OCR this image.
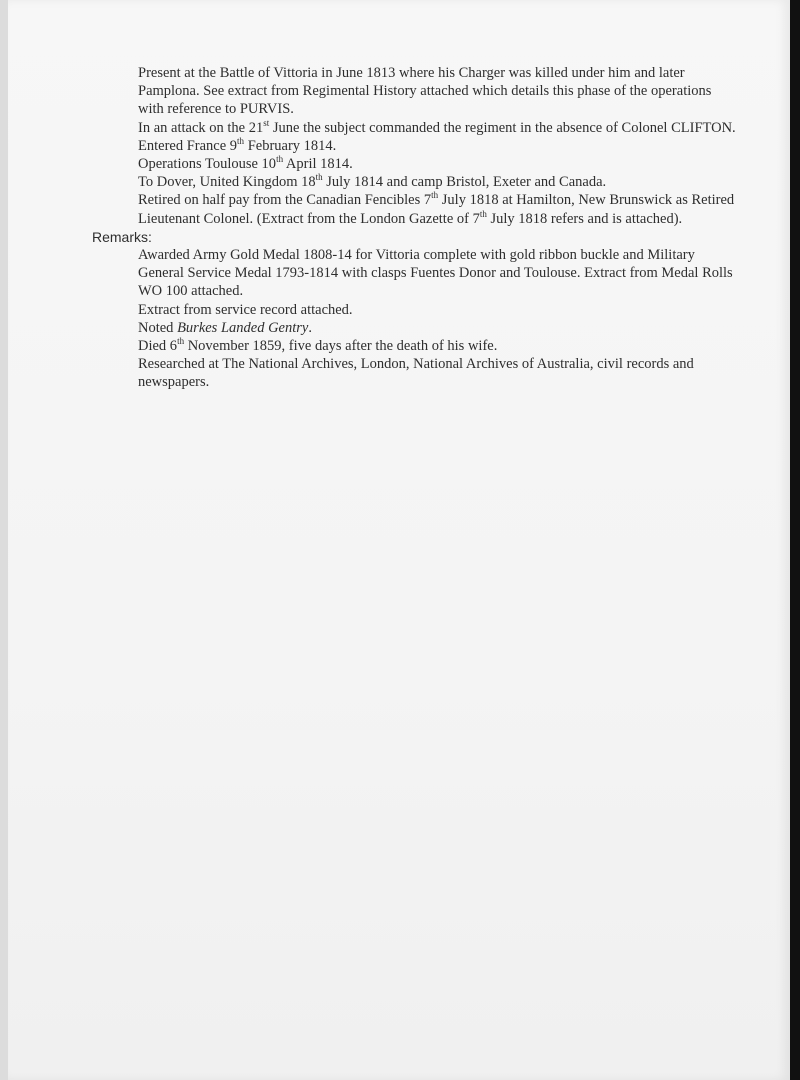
Present at the Battle of Vittoria in June 1813 where his Charger was killed under him and later Pamplona. See extract from Regimental History attached which details this phase of the operations with reference to PURVIS.

In an attack on the 21st June the subject commanded the regiment in the absence of Colonel CLIFTON.

Entered France 9th February 1814.

Operations Toulouse 10th April 1814.

To Dover, United Kingdom 18th July 1814 and camp Bristol, Exeter and Canada.

Retired on half pay from the Canadian Fencibles 7th July 1818 at Hamilton, New Brunswick as Retired Lieutenant Colonel. (Extract from the London Gazette of 7th July 1818 refers and is attached).

Remarks:

Awarded Army Gold Medal 1808-14 for Vittoria complete with gold ribbon buckle and Military General Service Medal 1793-1814 with clasps Fuentes Donor and Toulouse. Extract from Medal Rolls WO 100 attached.

Extract from service record attached.

Noted Burkes Landed Gentry.

Died 6th November 1859, five days after the death of his wife.

Researched at The National Archives, London, National Archives of Australia, civil records and newspapers.
